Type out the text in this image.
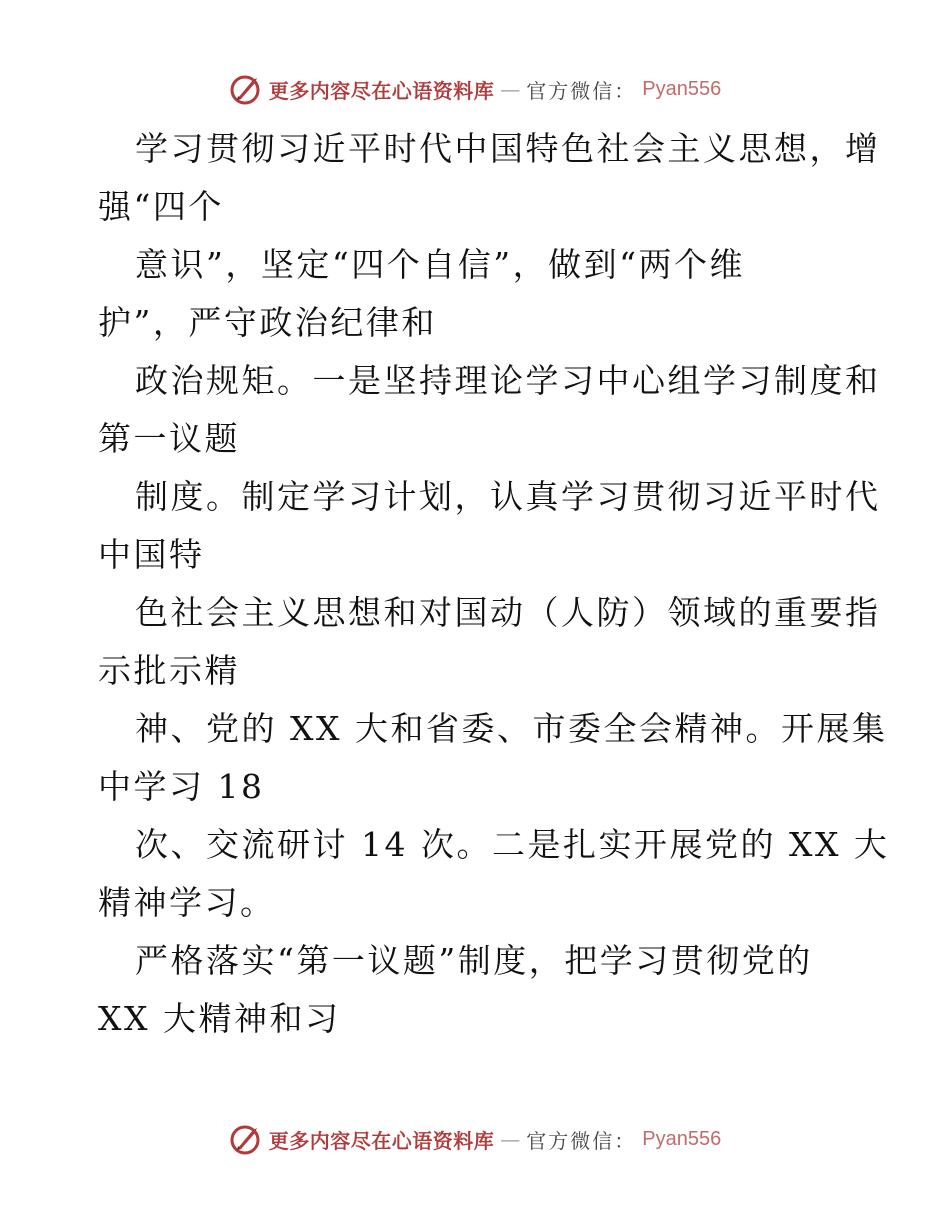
更多内容尽在心语资料库 — 官方微信： Pyan556

学习贯彻习近平时代中国特色社会主义思想，增
强“四个

意识”，坚定“四个自信”，做到“两个维
护”，严守政治纪律和

政治规矩。一是坚持理论学习中心组学习制度和
第一议题

制度。制定学习计划，认真学习贯彻习近平时代
中国特

色社会主义思想和对国动（人防）领域的重要指
示批示精

神、党的 XX 大和省委、市委全会精神。开展集
中学习 18

次、交流研讨 14 次。二是扎实开展党的 XX 大
精神学习。

严格落实“第一议题”制度，把学习贯彻党的
XX 大精神和习

更多内容尽在心语资料库 — 官方微信： Pyan556
